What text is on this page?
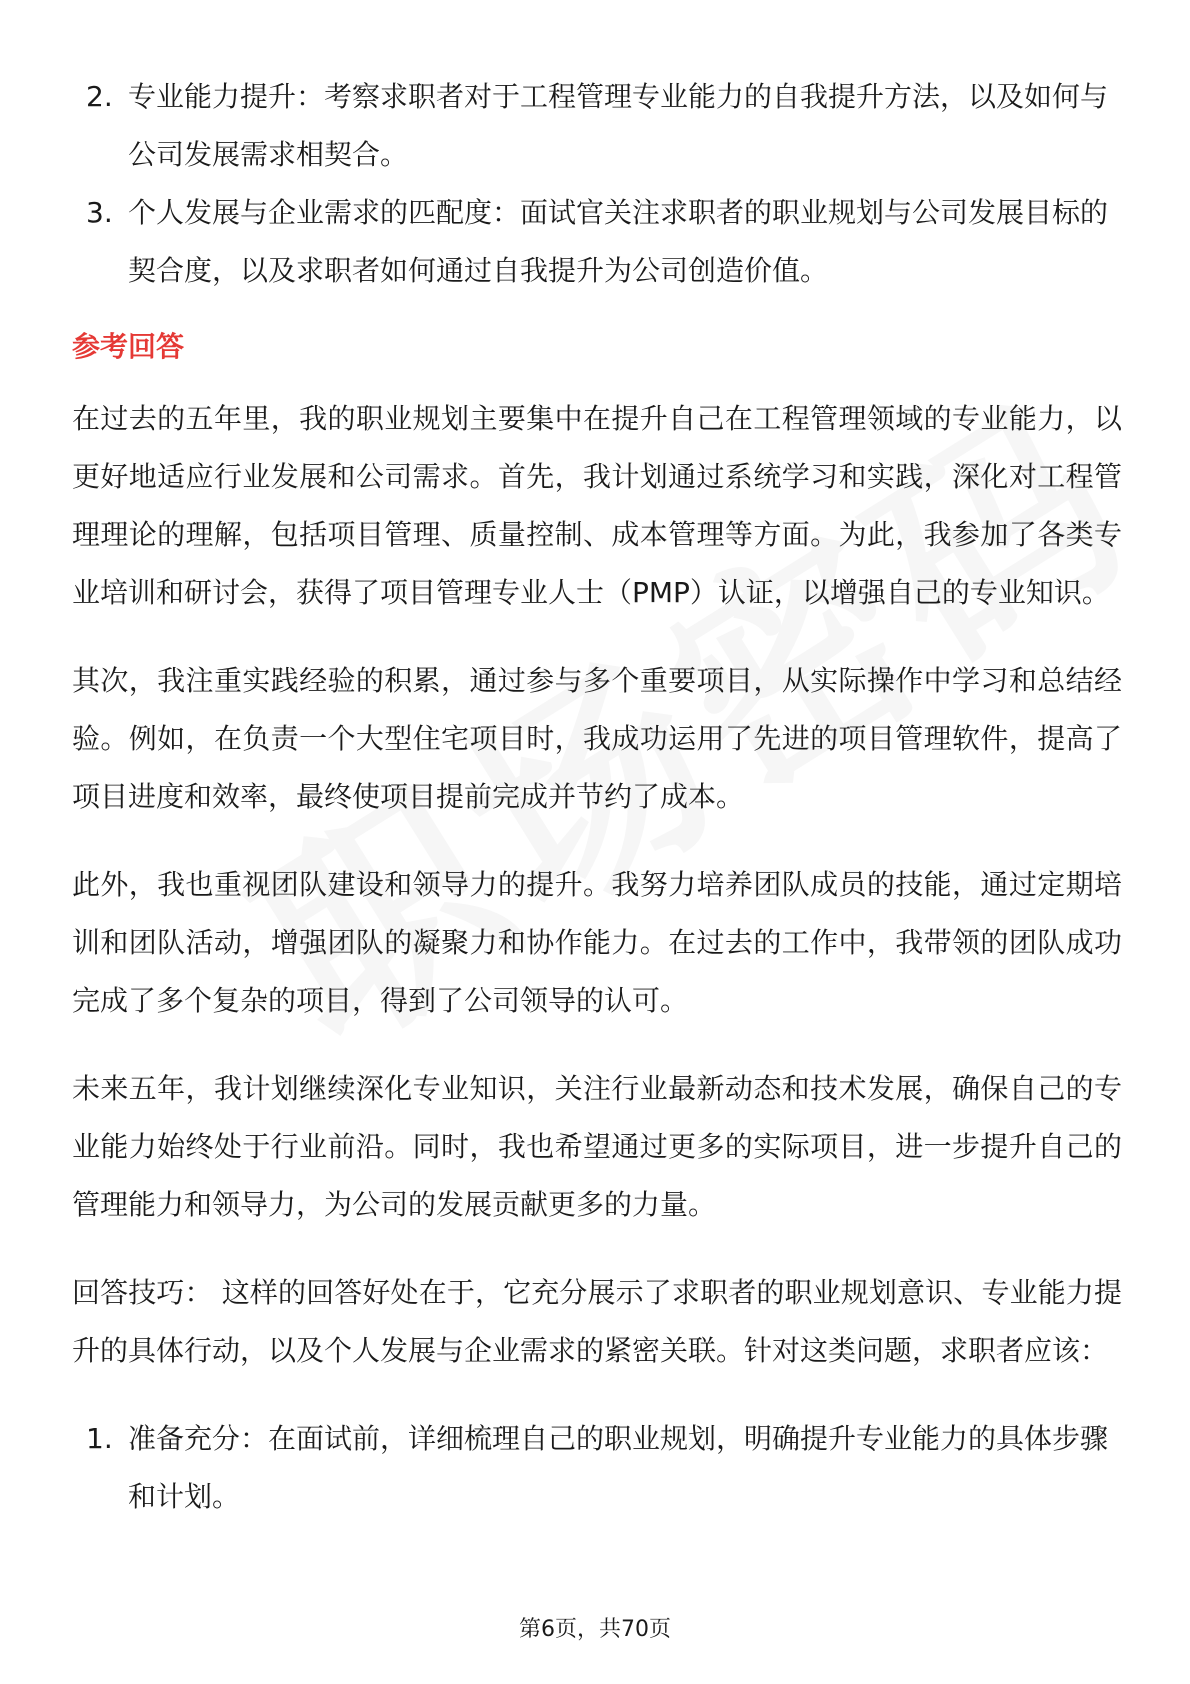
2. 专业能力提升：考察求职者对于工程管理专业能力的自我提升方法，以及如何与公司发展需求相契合。
3. 个人发展与企业需求的匹配度：面试官关注求职者的职业规划与公司发展目标的契合度，以及求职者如何通过自我提升为公司创造价值。
参考回答

在过去的五年里，我的职业规划主要集中在提升自己在工程管理领域的专业能力，以更好地适应行业发展和公司需求。首先，我计划通过系统学习和实践，深化对工程管理理论的理解，包括项目管理、质量控制、成本管理等方面。为此，我参加了各类专业培训和研讨会，获得了项目管理专业人士（PMP）认证，以增强自己的专业知识。

其次，我注重实践经验的积累，通过参与多个重要项目，从实际操作中学习和总结经验。例如，在负责一个大型住宅项目时，我成功运用了先进的项目管理软件，提高了项目进度和效率，最终使项目提前完成并节约了成本。

此外，我也重视团队建设和领导力的提升。我努力培养团队成员的技能，通过定期培训和团队活动，增强团队的凝聚力和协作能力。在过去的工作中，我带领的团队成功完成了多个复杂的项目，得到了公司领导的认可。

未来五年，我计划继续深化专业知识，关注行业最新动态和技术发展，确保自己的专业能力始终处于行业前沿。同时，我也希望通过更多的实际项目，进一步提升自己的管理能力和领导力，为公司的发展贡献更多的力量。

回答技巧： 这样的回答好处在于，它充分展示了求职者的职业规划意识、专业能力提升的具体行动，以及个人发展与企业需求的紧密关联。针对这类问题，求职者应该：

1. 准备充分：在面试前，详细梳理自己的职业规划，明确提升专业能力的具体步骤和计划。
第6页，共70页
